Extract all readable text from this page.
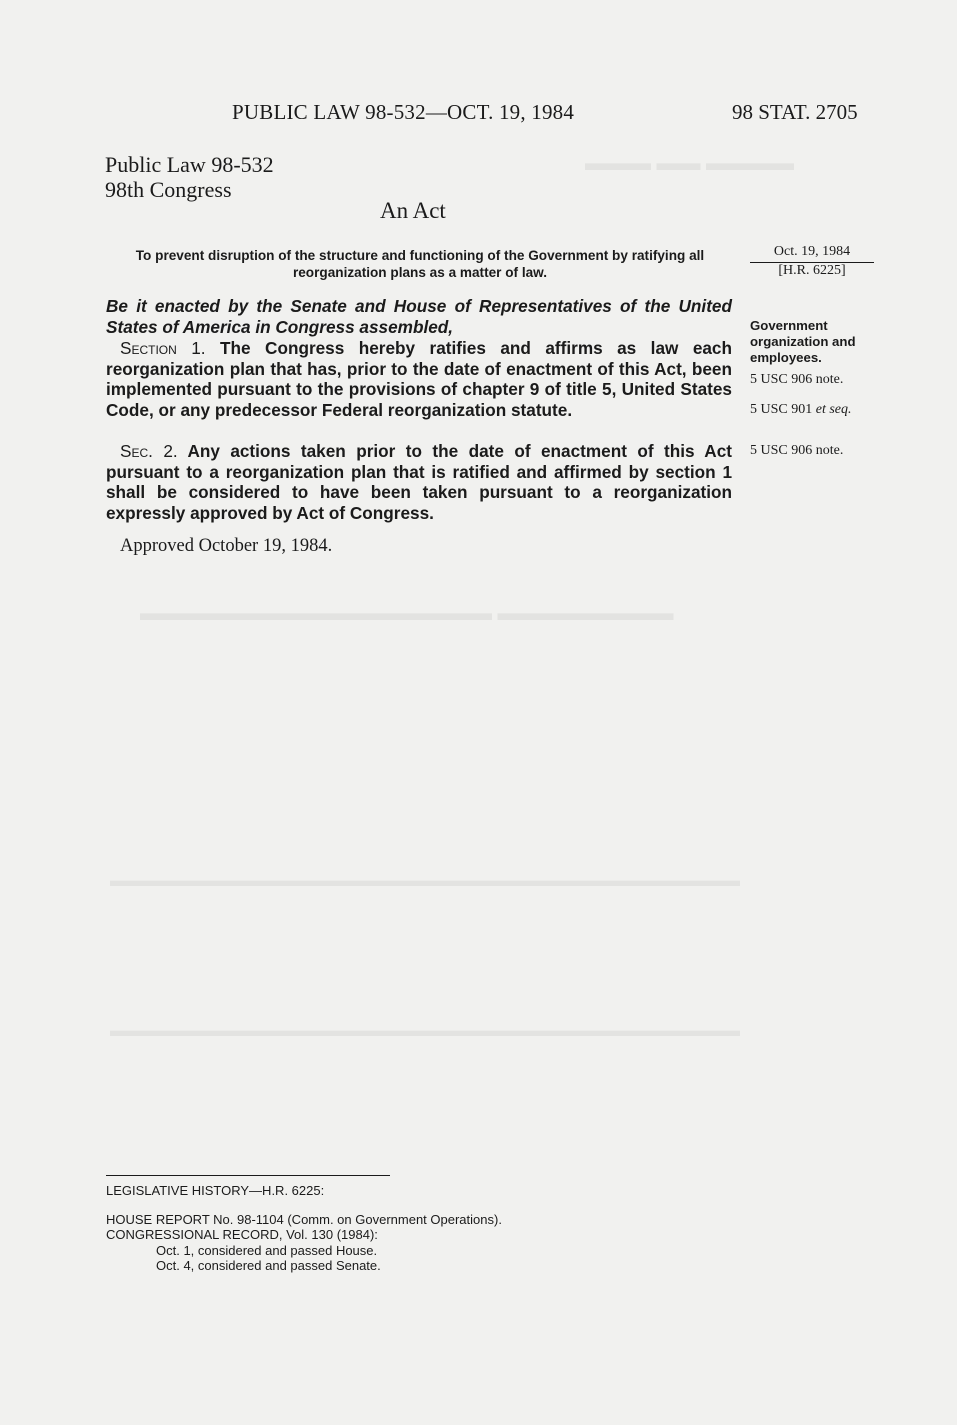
▬▬▬▬ ▬▬ ▬▬▬
▬▬▬▬▬▬▬▬ ▬▬▬▬▬▬▬▬▬▬▬▬▬▬▬▬
▬▬▬▬▬▬▬▬▬▬▬▬▬▬▬▬▬▬▬▬▬▬▬▬▬▬▬▬▬▬▬▬▬▬▬
▬▬▬▬▬▬▬▬▬▬▬▬▬▬▬▬▬▬▬▬▬▬▬▬▬▬▬▬▬▬▬▬▬▬▬
PUBLIC LAW 98-532—OCT. 19, 1984	98 STAT. 2705
Public Law 98-532
98th Congress
An Act
To prevent disruption of the structure and functioning of the Government by ratifying all reorganization plans as a matter of law.
Be it enacted by the Senate and House of Representatives of the United States of America in Congress assembled,
Section 1. The Congress hereby ratifies and affirms as law each reorganization plan that has, prior to the date of enactment of this Act, been implemented pursuant to the provisions of chapter 9 of title 5, United States Code, or any predecessor Federal reorganization statute.
Sec. 2. Any actions taken prior to the date of enactment of this Act pursuant to a reorganization plan that is ratified and affirmed by section 1 shall be considered to have been taken pursuant to a reorganization expressly approved by Act of Congress.
Approved October 19, 1984.
Oct. 19, 1984
[H.R. 6225]
Government organization and employees.
5 USC 906 note.
5 USC 901 et seq.
5 USC 906 note.
LEGISLATIVE HISTORY—H.R. 6225:
HOUSE REPORT No. 98-1104 (Comm. on Government Operations).
CONGRESSIONAL RECORD, Vol. 130 (1984):
Oct. 1, considered and passed House.
Oct. 4, considered and passed Senate.
